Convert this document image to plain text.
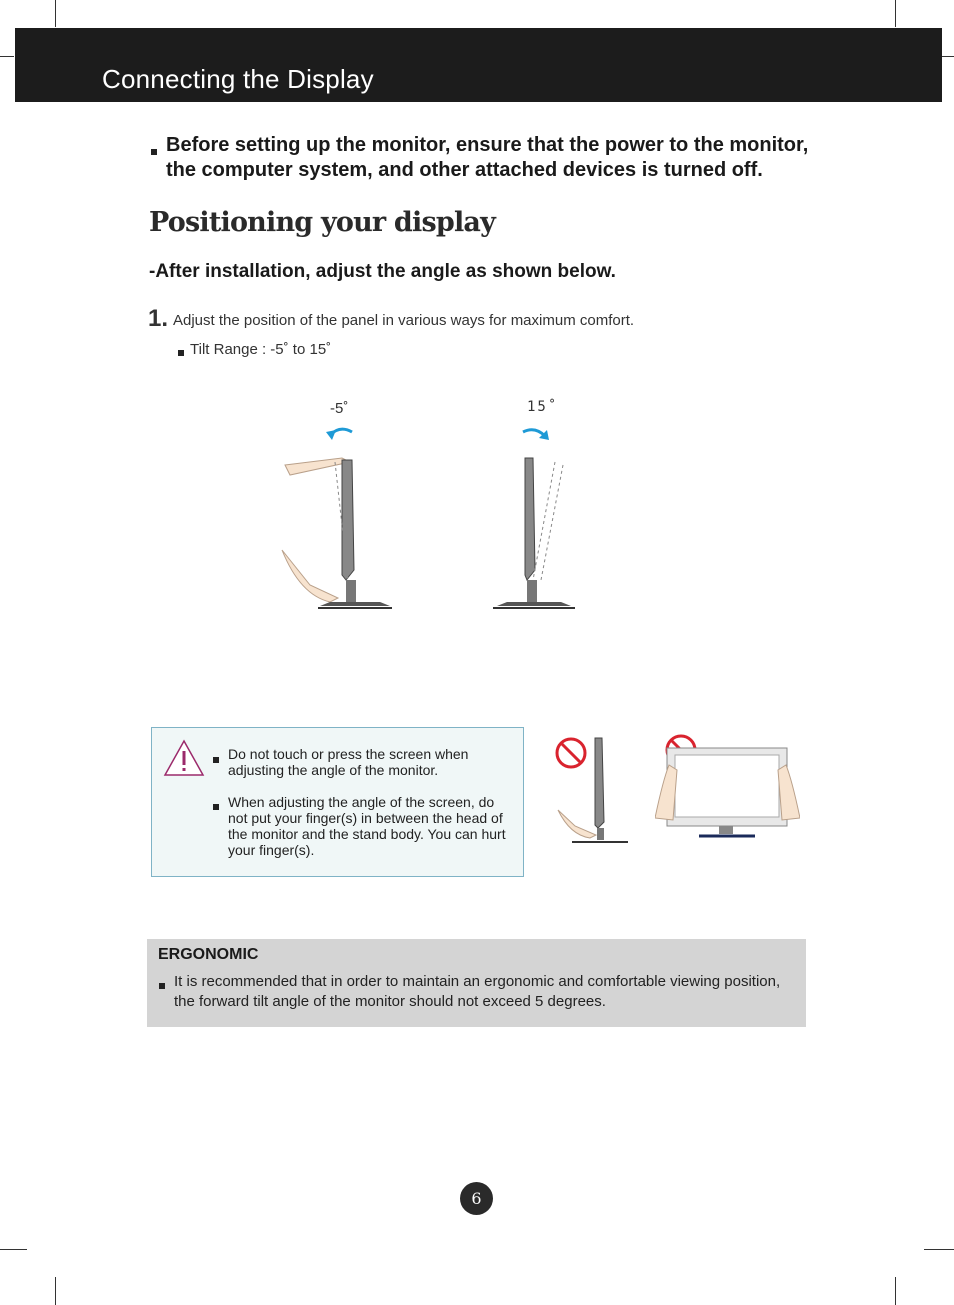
Connecting the Display
Before setting up the monitor, ensure that the power to the monitor, the computer system, and other attached devices is turned off.
Positioning your display
-After installation, adjust the angle as shown below.
1. Adjust the position of the panel in various ways for maximum comfort.
Tilt Range : -5˚ to 15˚
-5˚	15˚
Do not touch or press the screen when adjusting the angle of the monitor.
When adjusting the angle of the screen, do not put your finger(s) in between the head of the monitor and the stand body. You can hurt your finger(s).
ERGONOMIC
It is recommended that in order to maintain an ergonomic and comfortable viewing position, the forward tilt angle of the monitor should not exceed 5 degrees.
6
